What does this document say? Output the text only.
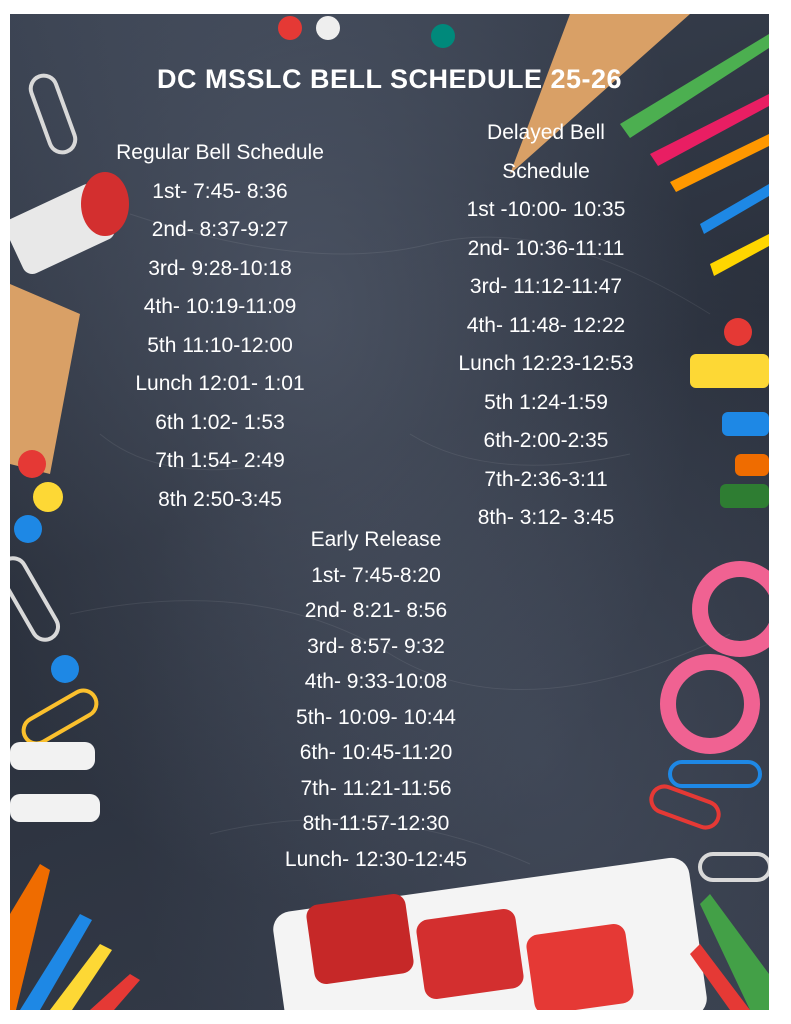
DC MSSLC BELL SCHEDULE 25-26
Regular Bell Schedule
1st- 7:45- 8:36
2nd- 8:37-9:27
3rd- 9:28-10:18
4th- 10:19-11:09
5th 11:10-12:00
Lunch 12:01- 1:01
6th 1:02- 1:53
7th 1:54- 2:49
8th 2:50-3:45
Delayed Bell
Schedule
1st -10:00- 10:35
2nd- 10:36-11:11
3rd- 11:12-11:47
4th- 11:48- 12:22
Lunch 12:23-12:53
5th 1:24-1:59
6th-2:00-2:35
7th-2:36-3:11
8th- 3:12- 3:45
Early Release
1st- 7:45-8:20
2nd- 8:21- 8:56
3rd- 8:57- 9:32
4th- 9:33-10:08
5th- 10:09- 10:44
6th- 10:45-11:20
7th- 11:21-11:56
8th-11:57-12:30
Lunch- 12:30-12:45
